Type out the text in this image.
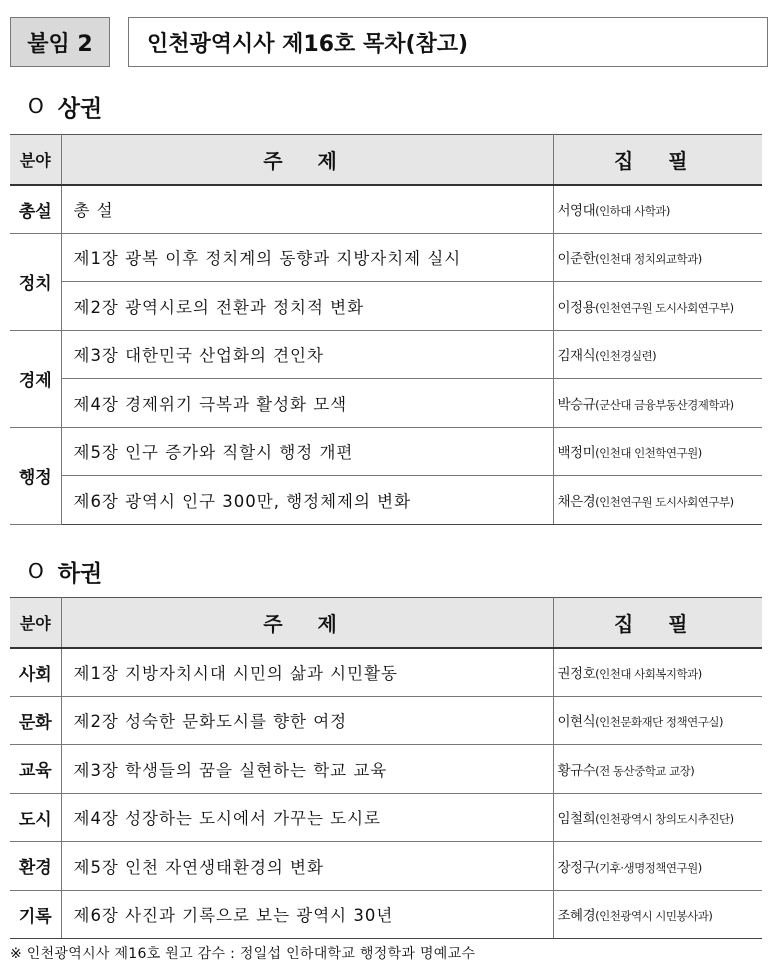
붙임 2	인천광역시사 제16호 목차(참고)
O 상권
분야	주 제	집 필
총설	총 설	서영대(인하대 사학과)
정치	제1장 광복 이후 정치계의 동향과 지방자치제 실시	이준한(인천대 정치외교학과)
	제2장 광역시로의 전환과 정치적 변화	이정용(인천연구원 도시사회연구부)
경제	제3장 대한민국 산업화의 견인차	김재식(인천경실련)
	제4장 경제위기 극복과 활성화 모색	박승규(군산대 금융부동산경제학과)
행정	제5장 인구 증가와 직할시 행정 개편	백정미(인천대 인천학연구원)
	제6장 광역시 인구 300만, 행정체제의 변화	채은경(인천연구원 도시사회연구부)
O 하권
분야	주 제	집 필
사회	제1장 지방자치시대 시민의 삶과 시민활동	권정호(인천대 사회복지학과)
문화	제2장 성숙한 문화도시를 향한 여정	이현식(인천문화재단 정책연구실)
교육	제3장 학생들의 꿈을 실현하는 학교 교육	황규수(전 동산중학교 교장)
도시	제4장 성장하는 도시에서 가꾸는 도시로	임철희(인천광역시 창의도시추진단)
환경	제5장 인천 자연생태환경의 변화	장정구(기후·생명정책연구원)
기록	제6장 사진과 기록으로 보는 광역시 30년	조혜경(인천광역시 시민봉사과)
※ 인천광역시사 제16호 원고 감수 : 정일섭 인하대학교 행정학과 명예교수
